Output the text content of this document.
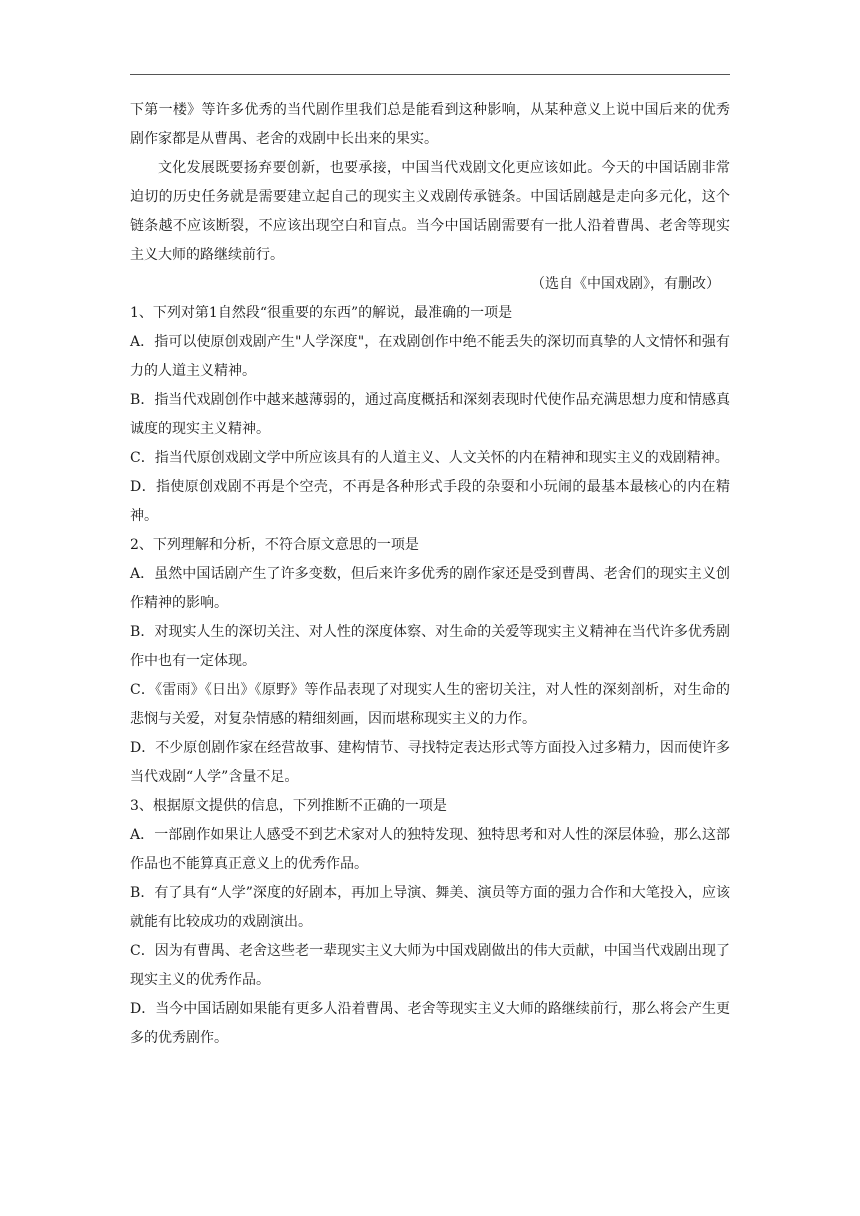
下第一楼》等许多优秀的当代剧作里我们总是能看到这种影响，从某种意义上说中国后来的优秀剧作家都是从曹禺、老舍的戏剧中长出来的果实。

文化发展既要扬弃要创新，也要承接，中国当代戏剧文化更应该如此。今天的中国话剧非常迫切的历史任务就是需要建立起自己的现实主义戏剧传承链条。中国话剧越是走向多元化，这个链条越不应该断裂，不应该出现空白和盲点。当今中国话剧需要有一批人沿着曹禺、老舍等现实主义大师的路继续前行。

（选自《中国戏剧》，有删改）

1、下列对第1自然段“很重要的东西”的解说，最准确的一项是

A．指可以使原创戏剧产生"人学深度"，在戏剧创作中绝不能丢失的深切而真挚的人文情怀和强有力的人道主义精神。

B．指当代戏剧创作中越来越薄弱的，通过高度概括和深刻表现时代使作品充满思想力度和情感真诚度的现实主义精神。

C．指当代原创戏剧文学中所应该具有的人道主义、人文关怀的内在精神和现实主义的戏剧精神。

D．指使原创戏剧不再是个空壳，不再是各种形式手段的杂耍和小玩闹的最基本最核心的内在精神。

2、下列理解和分析，不符合原文意思的一项是

A．虽然中国话剧产生了许多变数，但后来许多优秀的剧作家还是受到曹禺、老舍们的现实主义创作精神的影响。

B．对现实人生的深切关注、对人性的深度体察、对生命的关爱等现实主义精神在当代许多优秀剧作中也有一定体现。

C．《雷雨》《日出》《原野》等作品表现了对现实人生的密切关注，对人性的深刻剖析，对生命的悲悯与关爱，对复杂情感的精细刻画，因而堪称现实主义的力作。

D．不少原创剧作家在经营故事、建构情节、寻找特定表达形式等方面投入过多精力，因而使许多当代戏剧“人学”含量不足。

3、根据原文提供的信息，下列推断不正确的一项是

A．一部剧作如果让人感受不到艺术家对人的独特发现、独特思考和对人性的深层体验，那么这部作品也不能算真正意义上的优秀作品。

B．有了具有“人学”深度的好剧本，再加上导演、舞美、演员等方面的强力合作和大笔投入，应该就能有比较成功的戏剧演出。

C．因为有曹禺、老舍这些老一辈现实主义大师为中国戏剧做出的伟大贡献，中国当代戏剧出现了现实主义的优秀作品。

D．当今中国话剧如果能有更多人沿着曹禺、老舍等现实主义大师的路继续前行，那么将会产生更多的优秀剧作。
